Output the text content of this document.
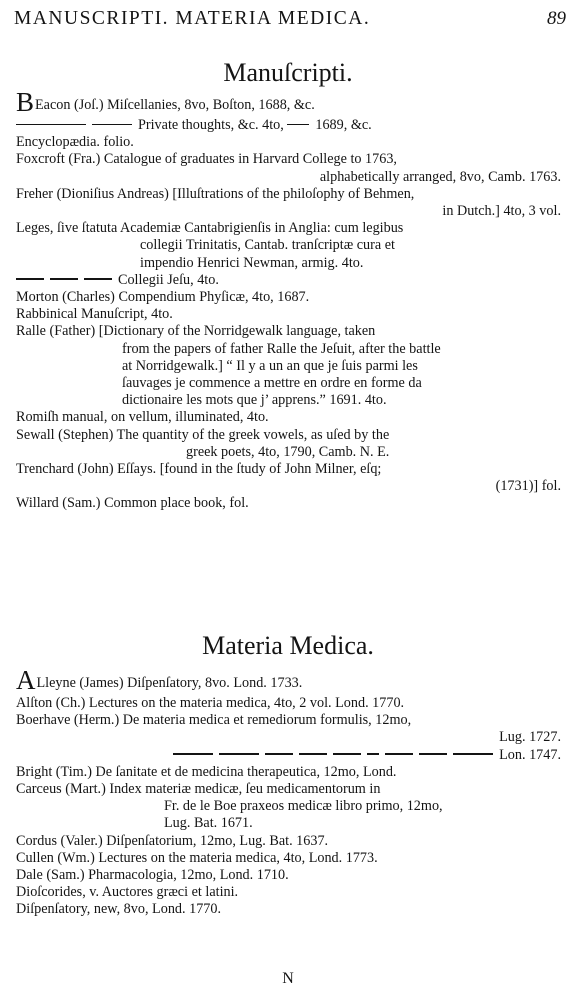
MANUSCRIPTI. MATERIA MEDICA.	89
Manuſcripti.

BEacon (Joſ.) Miſcellanies, 8vo, Boſton, 1688, &c.

Private thoughts, &c. 4to, 1689, &c.

Encyclopædia. folio.

Foxcroft (Fra.) Catalogue of graduates in Harvard College to 1763,

alphabetically arranged, 8vo, Camb. 1763.

Freher (Dioniſius Andreas) [Illuſtrations of the philoſophy of Behmen,

in Dutch.] 4to, 3 vol.

Leges, ſive ſtatuta Academiæ Cantabrigienſis in Anglia: cum legibus

collegii Trinitatis, Cantab. tranſcriptæ cura et

impendio Henrici Newman, armig. 4to.

Collegii Jeſu, 4to.

Morton (Charles) Compendium Phyſicæ, 4to, 1687.

Rabbinical Manuſcript, 4to.

Ralle (Father) [Dictionary of the Norridgewalk language, taken

from the papers of father Ralle the Jeſuit, after the battle

at Norridgewalk.] “ Il y a un an que je ſuis parmi les

ſauvages je commence a mettre en ordre en forme da

dictionaire les mots que j’ apprens.” 1691. 4to.

Romiſh manual, on vellum, illuminated, 4to.

Sewall (Stephen) The quantity of the greek vowels, as uſed by the

greek poets, 4to, 1790, Camb. N. E.

Trenchard (John) Eſſays. [found in the ſtudy of John Milner, eſq;

(1731)] fol.

Willard (Sam.) Common place book, fol.

Materia Medica.

ALleyne (James) Diſpenſatory, 8vo. Lond. 1733.

Alſton (Ch.) Lectures on the materia medica, 4to, 2 vol. Lond. 1770.

Boerhave (Herm.) De materia medica et remediorum formulis, 12mo,

Lug. 1727.

Lon. 1747.

Bright (Tim.) De ſanitate et de medicina therapeutica, 12mo, Lond.

Carceus (Mart.) Index materiæ medicæ, ſeu medicamentorum in

Fr. de le Boe praxeos medicæ libro primo, 12mo,

Lug. Bat. 1671.

Cordus (Valer.) Diſpenſatorium, 12mo, Lug. Bat. 1637.

Cullen (Wm.) Lectures on the materia medica, 4to, Lond. 1773.

Dale (Sam.) Pharmacologia, 12mo, Lond. 1710.

Dioſcorides, v. Auctores græci et latini.

Diſpenſatory, new, 8vo, Lond. 1770.

N
